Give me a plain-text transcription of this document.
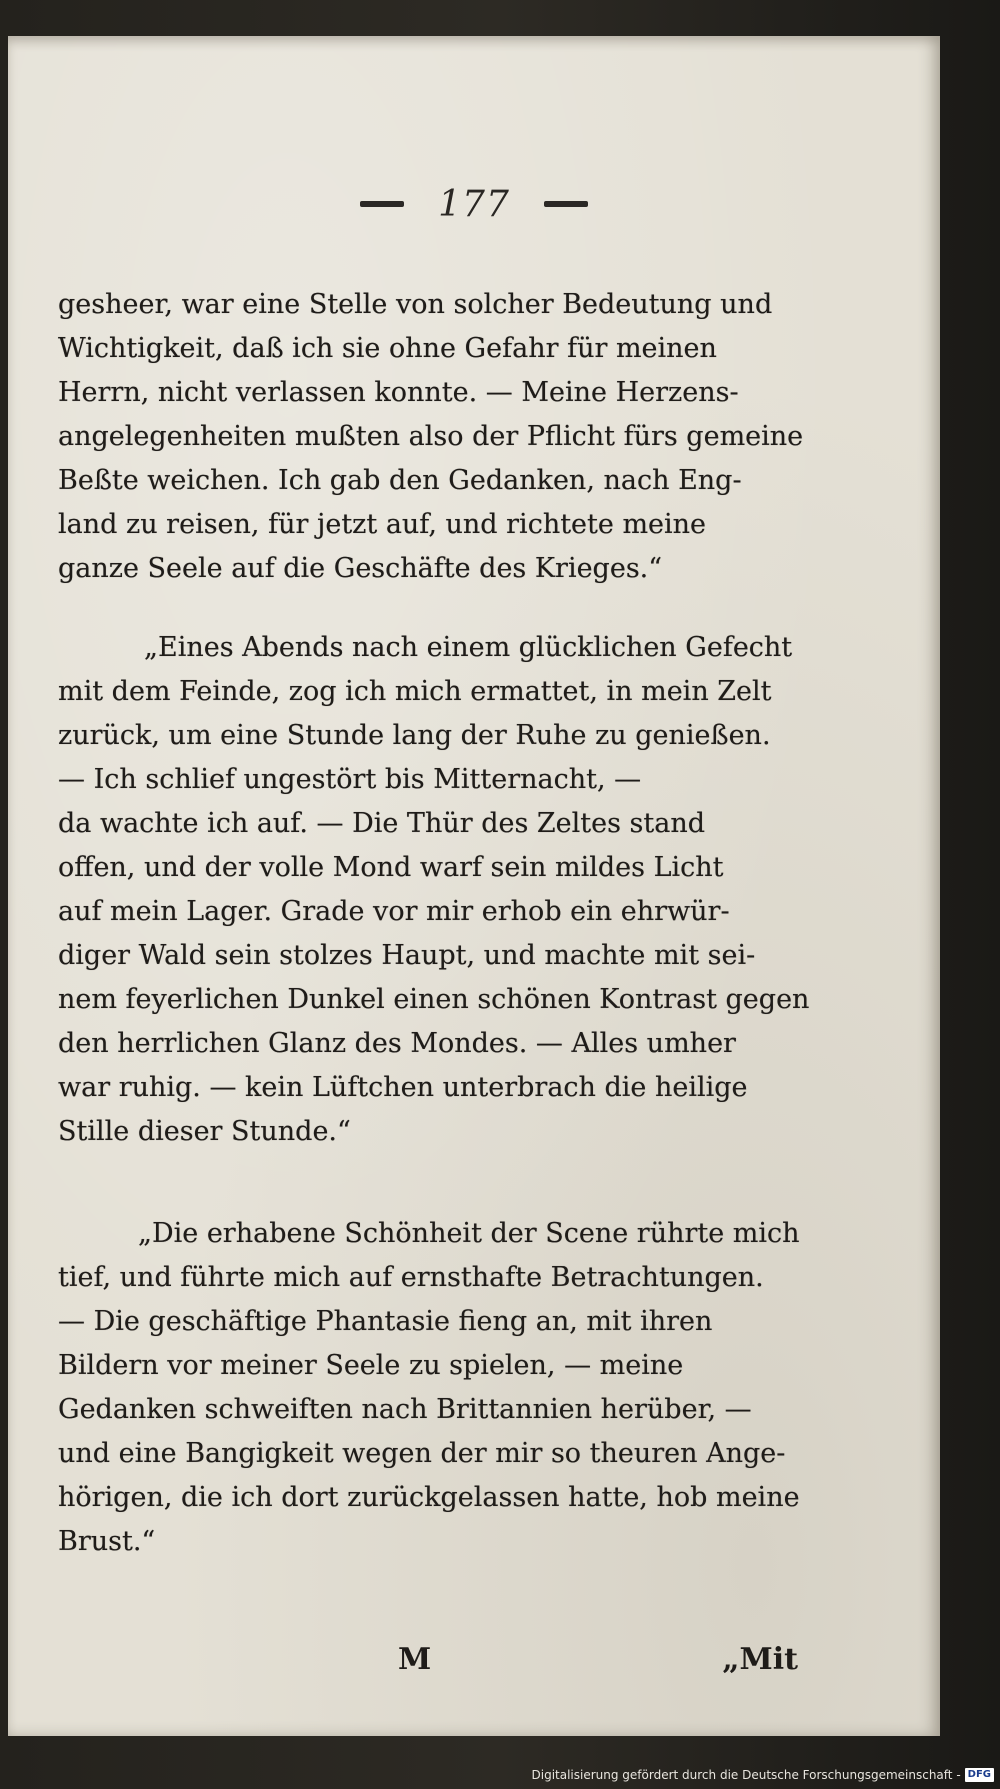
177

gesheer, war eine Stelle von solcher Bedeutung und
Wichtigkeit, daß ich sie ohne Gefahr für meinen
Herrn, nicht verlassen konnte. — Meine Herzens-
angelegenheiten mußten also der Pflicht fürs gemeine
Beßte weichen. Ich gab den Gedanken, nach Eng-
land zu reisen, für jetzt auf, und richtete meine
ganze Seele auf die Geschäfte des Krieges.“

„Eines Abends nach einem glücklichen Gefecht
mit dem Feinde, zog ich mich ermattet, in mein Zelt
zurück, um eine Stunde lang der Ruhe zu genießen.
— Ich schlief ungestört bis Mitternacht, —
da wachte ich auf. — Die Thür des Zeltes stand
offen, und der volle Mond warf sein mildes Licht
auf mein Lager. Grade vor mir erhob ein ehrwür-
diger Wald sein stolzes Haupt, und machte mit sei-
nem feyerlichen Dunkel einen schönen Kontrast gegen
den herrlichen Glanz des Mondes. — Alles umher
war ruhig. — kein Lüftchen unterbrach die heilige
Stille dieser Stunde.“

„Die erhabene Schönheit der Scene rührte mich
tief, und führte mich auf ernsthafte Betrachtungen.
— Die geschäftige Phantasie fieng an, mit ihren
Bildern vor meiner Seele zu spielen, — meine
Gedanken schweiften nach Brittannien herüber, —
und eine Bangigkeit wegen der mir so theuren Ange-
hörigen, die ich dort zurückgelassen hatte, hob meine
Brust.“

M	„Mit
Digitalisierung gefördert durch die Deutsche Forschungsgemeinschaft - DFG
